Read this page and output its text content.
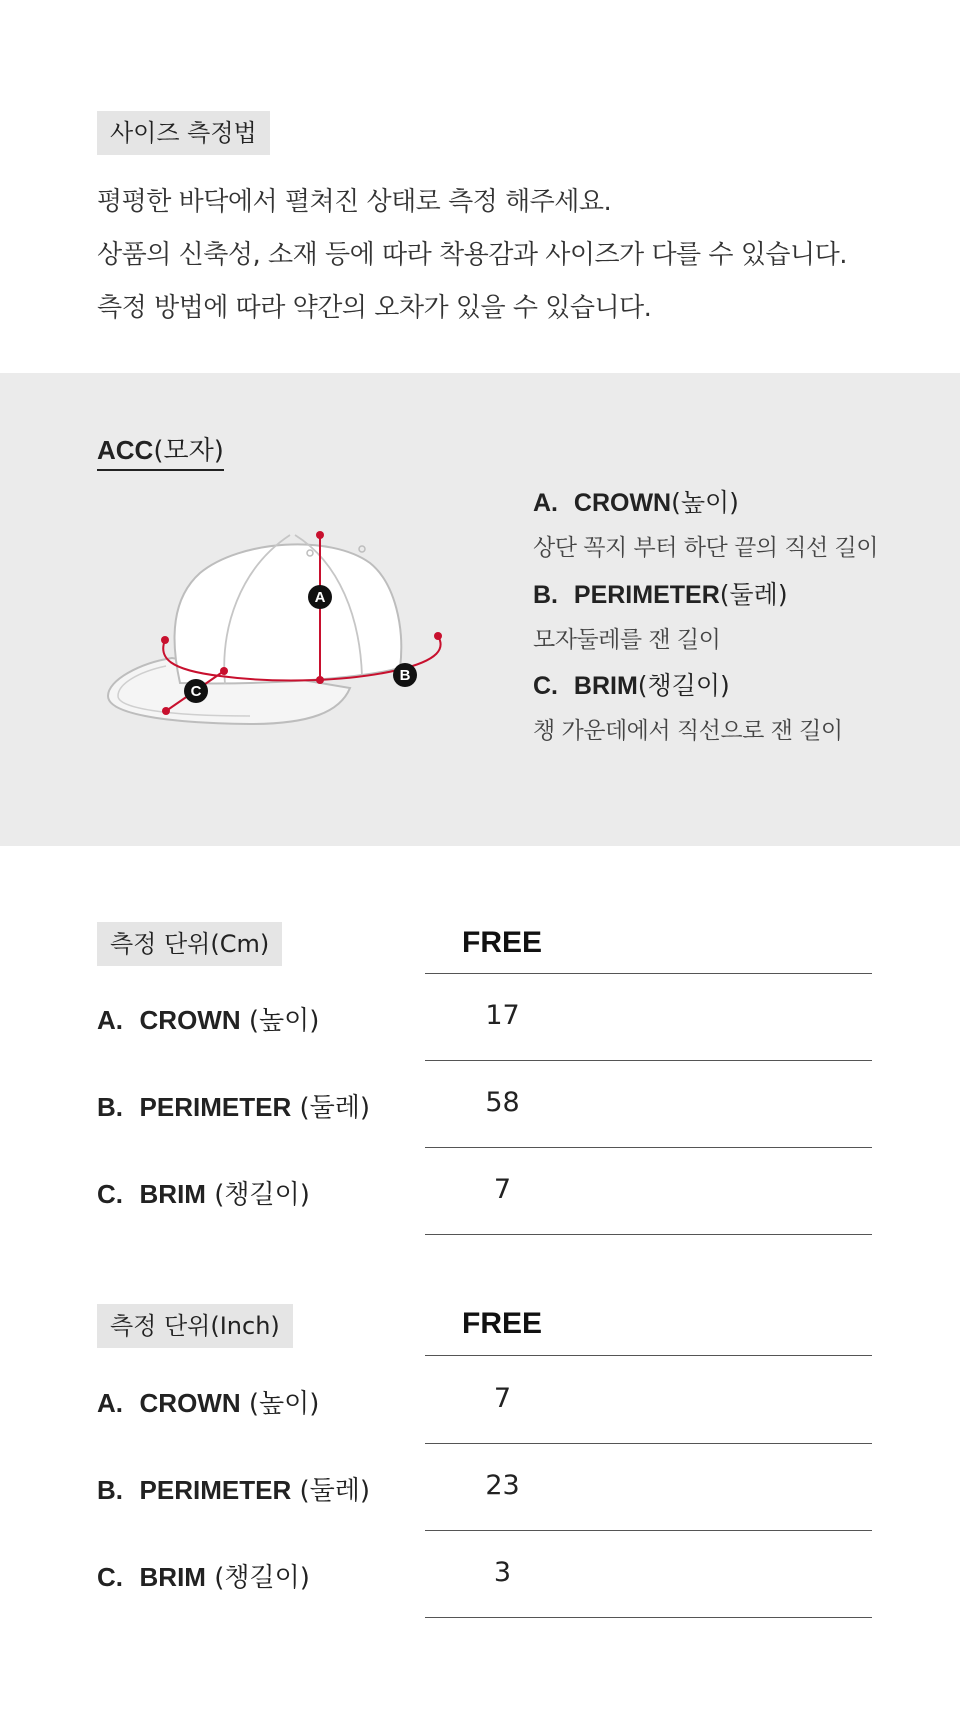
사이즈 측정법
평평한 바닥에서 펼쳐진 상태로 측정 해주세요.
상품의 신축성, 소재 등에 따라 착용감과 사이즈가 다를 수 있습니다.
측정 방법에 따라 약간의 오차가 있을 수 있습니다.
ACC(모자)
A
B
C
A. CROWN(높이)
상단 꼭지 부터 하단 끝의 직선 길이
B. PERIMETER(둘레)
모자둘레를 잰 길이
C. BRIM(챙길이)
챙 가운데에서 직선으로 잰 길이
측정 단위(Cm)	FREE
A. CROWN (높이)	17
B. PERIMETER (둘레)	58
C. BRIM (챙길이)	7
측정 단위(Inch)	FREE
A. CROWN (높이)	7
B. PERIMETER (둘레)	23
C. BRIM (챙길이)	3
